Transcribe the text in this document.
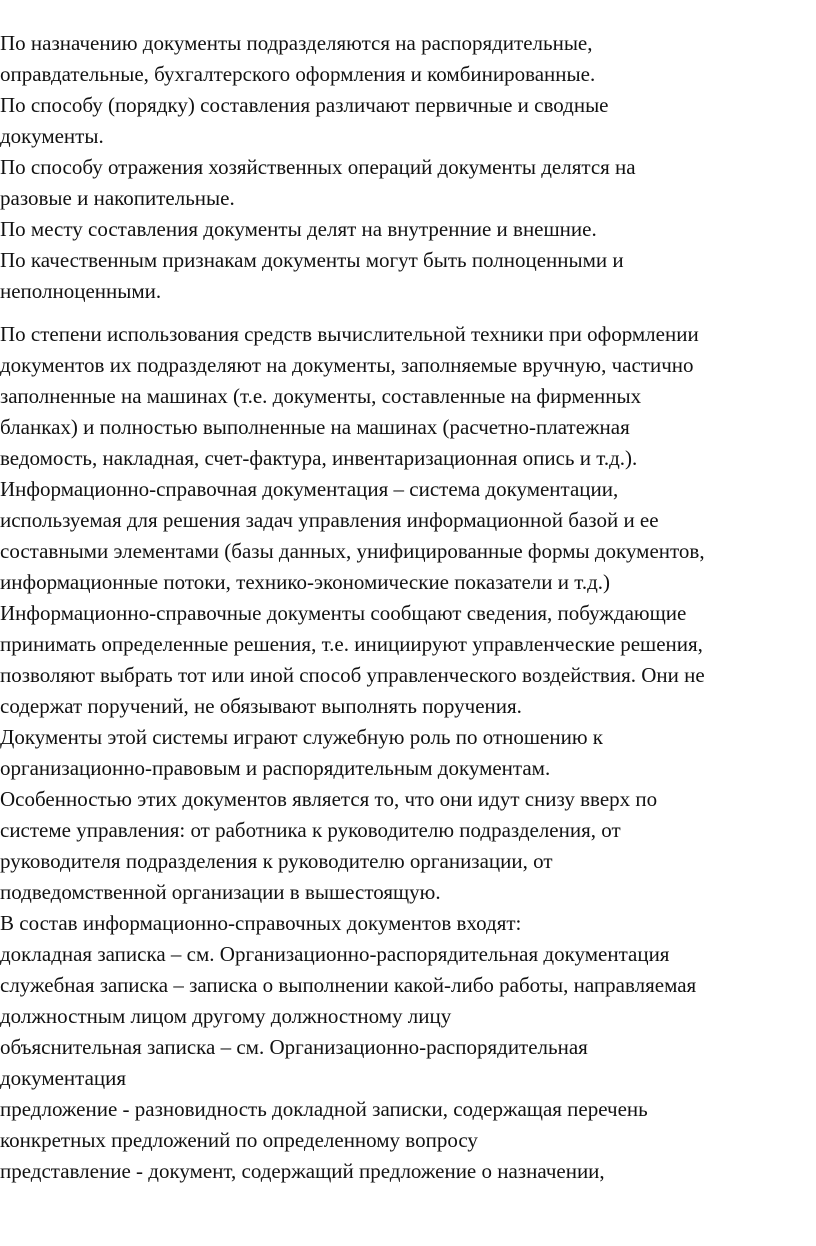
По назначению документы подразделяются на распорядительные,
оправдательные, бухгалтерского оформления и комбинированные.
По способу (порядку) составления различают первичные и сводные
документы.
По способу отражения хозяйственных операций документы делятся на
разовые и накопительные.
По месту составления документы делят на внутренние и внешние.
По качественным признакам документы могут быть полноценными и
неполноценными.
По степени использования средств вычислительной техники при оформлении
документов их подразделяют на документы, заполняемые вручную, частично
заполненные на машинах (т.е. документы, составленные на фирменных
бланках) и полностью выполненные на машинах (расчетно-платежная
ведомость, накладная, счет-фактура, инвентаризационная опись и т.д.).
Информационно-справочная документация – система документации,
используемая для решения задач управления информационной базой и ее
составными элементами (базы данных, унифицированные формы документов,
информационные потоки, технико-экономические показатели и т.д.)
Информационно-справочные документы сообщают сведения, побуждающие
принимать определенные решения, т.е. инициируют управленческие решения,
позволяют выбрать тот или иной способ управленческого воздействия. Они не
содержат поручений, не обязывают выполнять поручения.
Документы этой системы играют служебную роль по отношению к
организационно-правовым и распорядительным документам.
Особенностью этих документов является то, что они идут снизу вверх по
системе управления: от работника к руководителю подразделения, от
руководителя подразделения к руководителю организации, от
подведомственной организации в вышестоящую.
В состав информационно-справочных документов входят:
докладная записка – см. Организационно-распорядительная документация
служебная записка – записка о выполнении какой-либо работы, направляемая
должностным лицом другому должностному лицу
объяснительная записка – см. Организационно-распорядительная
документация
предложение - разновидность докладной записки, содержащая перечень
конкретных предложений по определенному вопросу
представление - документ, содержащий предложение о назначении,
